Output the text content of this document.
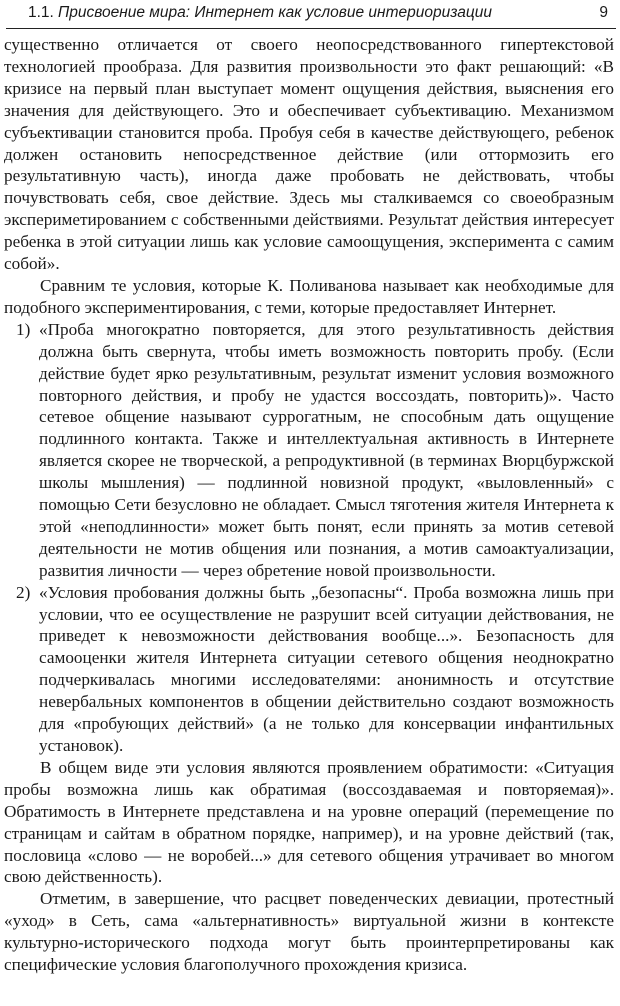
1.1. Присвоение мира: Интернет как условие интериоризации	9

существенно отличается от своего неопосредствованного гипертекстовой технологией прообраза. Для развития произвольности это факт решающий: «В кризисе на первый план выступает момент ощущения действия, выяснения его значения для действующего. Это и обеспечивает субъективацию. Механизмом субъективации становится проба. Пробуя себя в качестве действующего, ребенок должен остановить непосредственное действие (или оттормозить его результативную часть), иногда даже пробовать не действовать, чтобы почувствовать себя, свое действие. Здесь мы сталкиваемся со своеобразным экспериметированием с собственными действиями. Результат действия интересует ребенка в этой ситуации лишь как условие самоощущения, эксперимента с самим собой».

Сравним те условия, которые К. Поливанова называет как необходимые для подобного экспериментирования, с теми, которые предоставляет Интернет.

1) «Проба многократно повторяется, для этого результативность действия должна быть свернута, чтобы иметь возможность повторить пробу. (Если действие будет ярко результативным, результат изменит условия возможного повторного действия, и пробу не удастся воссоздать, повторить)». Часто сетевое общение называют суррогатным, не способным дать ощущение подлинного контакта. Также и интеллектуальная активность в Интернете является скорее не творческой, а репродуктивной (в терминах Вюрцбуржской школы мышления) — подлинной новизной продукт, «выловленный» с помощью Сети безусловно не обладает. Смысл тяготения жителя Интернета к этой «неподлинности» может быть понят, если принять за мотив сетевой деятельности не мотив общения или познания, а мотив самоактуализации, развития личности — через обретение новой произвольности.
2) «Условия пробования должны быть „безопасны“. Проба возможна лишь при условии, что ее осуществление не разрушит всей ситуации действования, не приведет к невозможности действования вообще...». Безопасность для самооценки жителя Интернета ситуации сетевого общения неоднократно подчеркивалась многими исследователями: анонимность и отсутствие невербальных компонентов в общении действительно создают возможность для «пробующих действий» (а не только для консервации инфантильных установок).

В общем виде эти условия являются проявлением обратимости: «Ситуация пробы возможна лишь как обратимая (воссоздаваемая и повторяемая)». Обратимость в Интернете представлена и на уровне операций (перемещение по страницам и сайтам в обратном порядке, например), и на уровне действий (так, пословица «слово — не воробей...» для сетевого общения утрачивает во многом свою действенность).

Отметим, в завершение, что расцвет поведенческих девиации, протестный «уход» в Сеть, сама «альтернативность» виртуальной жизни в контексте культурно-исторического подхода могут быть проинтерпретированы как специфические условия благополучного прохождения кризиса.
